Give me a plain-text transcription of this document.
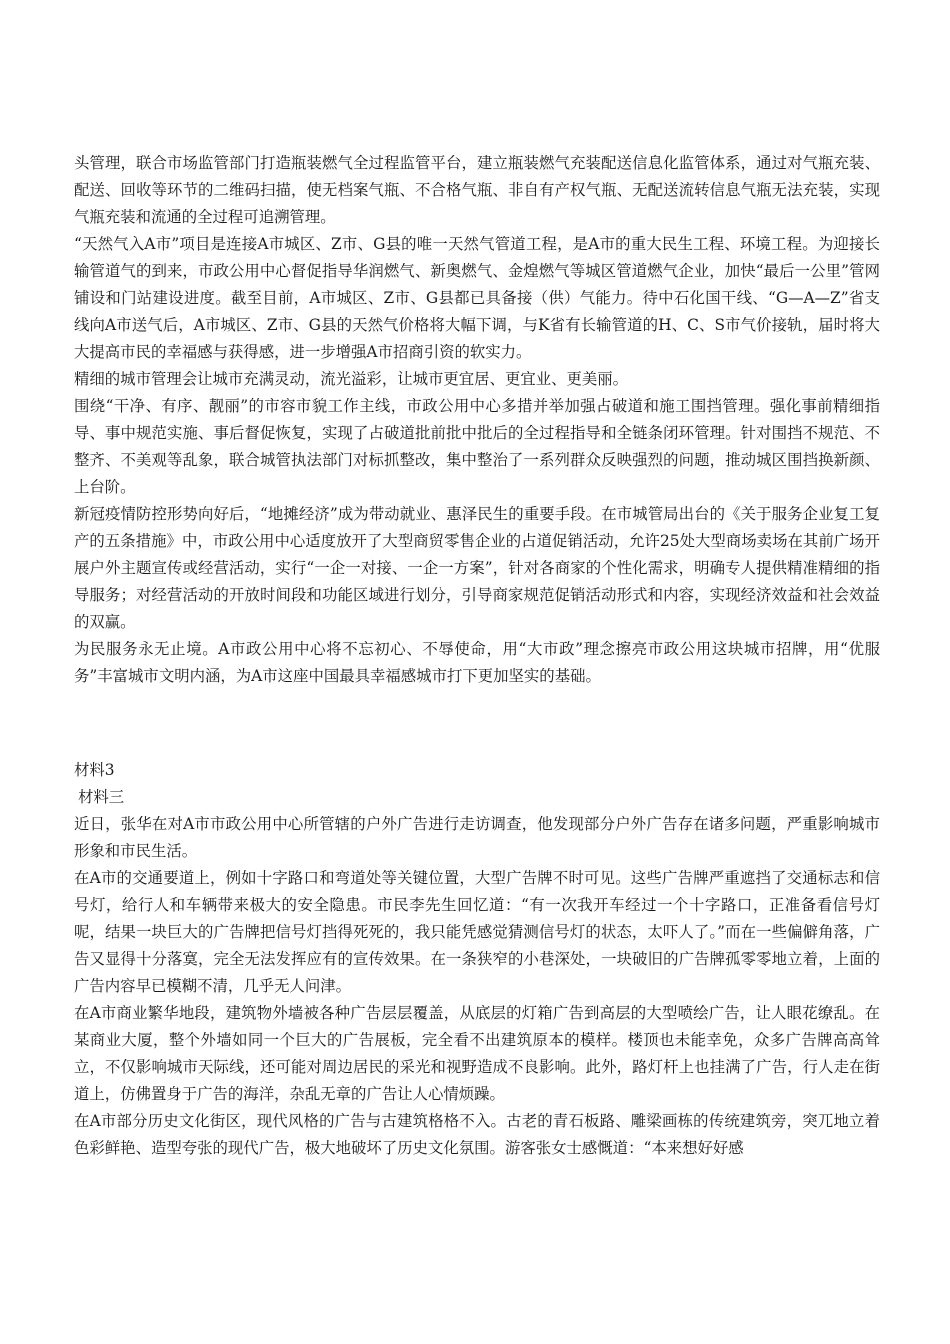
头管理，联合市场监管部门打造瓶装燃气全过程监管平台，建立瓶装燃气充装配送信息化监管体系，通过对气瓶充装、配送、回收等环节的二维码扫描，使无档案气瓶、不合格气瓶、非自有产权气瓶、无配送流转信息气瓶无法充装，实现气瓶充装和流通的全过程可追溯管理。

“天然气入A市”项目是连接A市城区、Z市、G县的唯一天然气管道工程，是A市的重大民生工程、环境工程。为迎接长输管道气的到来，市政公用中心督促指导华润燃气、新奥燃气、金煌燃气等城区管道燃气企业，加快“最后一公里”管网铺设和门站建设进度。截至目前，A市城区、Z市、G县都已具备接（供）气能力。待中石化国干线、“G—A—Z”省支线向A市送气后，A市城区、Z市、G县的天然气价格将大幅下调，与K省有长输管道的H、C、S市气价接轨，届时将大大提高市民的幸福感与获得感，进一步增强A市招商引资的软实力。

精细的城市管理会让城市充满灵动，流光溢彩，让城市更宜居、更宜业、更美丽。

围绕“干净、有序、靓丽”的市容市貌工作主线，市政公用中心多措并举加强占破道和施工围挡管理。强化事前精细指导、事中规范实施、事后督促恢复，实现了占破道批前批中批后的全过程指导和全链条闭环管理。针对围挡不规范、不整齐、不美观等乱象，联合城管执法部门对标抓整改，集中整治了一系列群众反映强烈的问题，推动城区围挡换新颜、上台阶。

新冠疫情防控形势向好后，“地摊经济”成为带动就业、惠泽民生的重要手段。在市城管局出台的《关于服务企业复工复产的五条措施》中，市政公用中心适度放开了大型商贸零售企业的占道促销活动，允许25处大型商场卖场在其前广场开展户外主题宣传或经营活动，实行“一企一对接、一企一方案”，针对各商家的个性化需求，明确专人提供精准精细的指导服务；对经营活动的开放时间段和功能区域进行划分，引导商家规范促销活动形式和内容，实现经济效益和社会效益的双赢。

为民服务永无止境。A市政公用中心将不忘初心、不辱使命，用“大市政”理念擦亮市政公用这块城市招牌，用“优服务”丰富城市文明内涵，为A市这座中国最具幸福感城市打下更加坚实的基础。

材料3

材料三

近日，张华在对A市市政公用中心所管辖的户外广告进行走访调查，他发现部分户外广告存在诸多问题，严重影响城市形象和市民生活。

在A市的交通要道上，例如十字路口和弯道处等关键位置，大型广告牌不时可见。这些广告牌严重遮挡了交通标志和信号灯，给行人和车辆带来极大的安全隐患。市民李先生回忆道：“有一次我开车经过一个十字路口，正准备看信号灯呢，结果一块巨大的广告牌把信号灯挡得死死的，我只能凭感觉猜测信号灯的状态，太吓人了。”而在一些偏僻角落，广告又显得十分落寞，完全无法发挥应有的宣传效果。在一条狭窄的小巷深处，一块破旧的广告牌孤零零地立着，上面的广告内容早已模糊不清，几乎无人问津。

在A市商业繁华地段，建筑物外墙被各种广告层层覆盖，从底层的灯箱广告到高层的大型喷绘广告，让人眼花缭乱。在某商业大厦，整个外墙如同一个巨大的广告展板，完全看不出建筑原本的模样。楼顶也未能幸免，众多广告牌高高耸立，不仅影响城市天际线，还可能对周边居民的采光和视野造成不良影响。此外，路灯杆上也挂满了广告，行人走在街道上，仿佛置身于广告的海洋，杂乱无章的广告让人心情烦躁。

在A市部分历史文化街区，现代风格的广告与古建筑格格不入。古老的青石板路、雕梁画栋的传统建筑旁，突兀地立着色彩鲜艳、造型夸张的现代广告，极大地破坏了历史文化氛围。游客张女士感慨道：“本来想好好感
